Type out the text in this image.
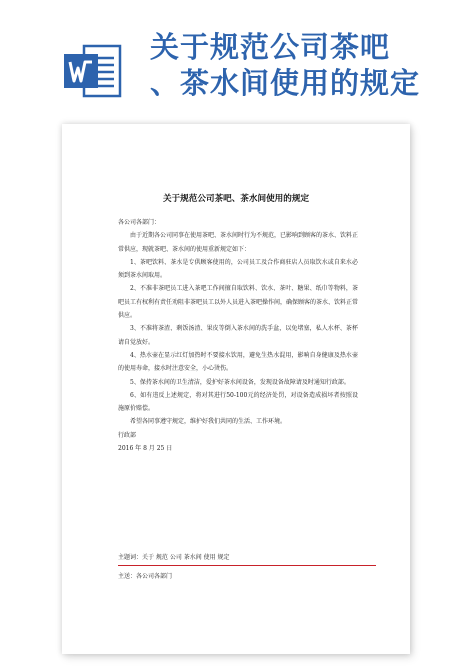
关于规范公司茶吧
、茶水间使用的规定
关于规范公司茶吧、茶水间使用的规定

各公司各部门：

由于近期各公司同事在使用茶吧、茶水间时行为不规范，已影响到顾客的茶水、饮料正常供应，现就茶吧、茶水间的使用重新规定如下：

1、茶吧饮料、茶水是专供顾客使用的，公司员工及合作商驻店人员取饮水或自来水必须到茶水间取用。

2、不准非茶吧员工进入茶吧工作间擅自取饮料、饮水、茶叶、糖果、纸巾等物料，茶吧员工有权利有责任劝阻非茶吧员工以外人员进入茶吧操作间，确保顾客的茶水、饮料正常供应。

3、不准将茶渣、剩饭汤渣、果皮等倒入茶水间的洗手盆，以免堵塞，私人水杯、茶杯请自觉放好。

4、热水壶在显示红灯加热时不要接水饮用，避免生热水混用，影响自身健康及热水壶的使用寿命，接水时注意安全，小心烫伤。

5、保持茶水间的卫生清洁，爱护好茶水间设备，发现设备故障请及时通知行政部。

6、如有违反上述规定，将对其进行50-100元的经济处罚，对设备造成损坏者按照设施原价赔偿。

希望各同事遵守规定，维护好我们共同的生活、工作环境。

行政部

2016 年 8 月 25 日

主题词：关于 规范 公司 茶水间 使用 规定
主送：各公司各部门
